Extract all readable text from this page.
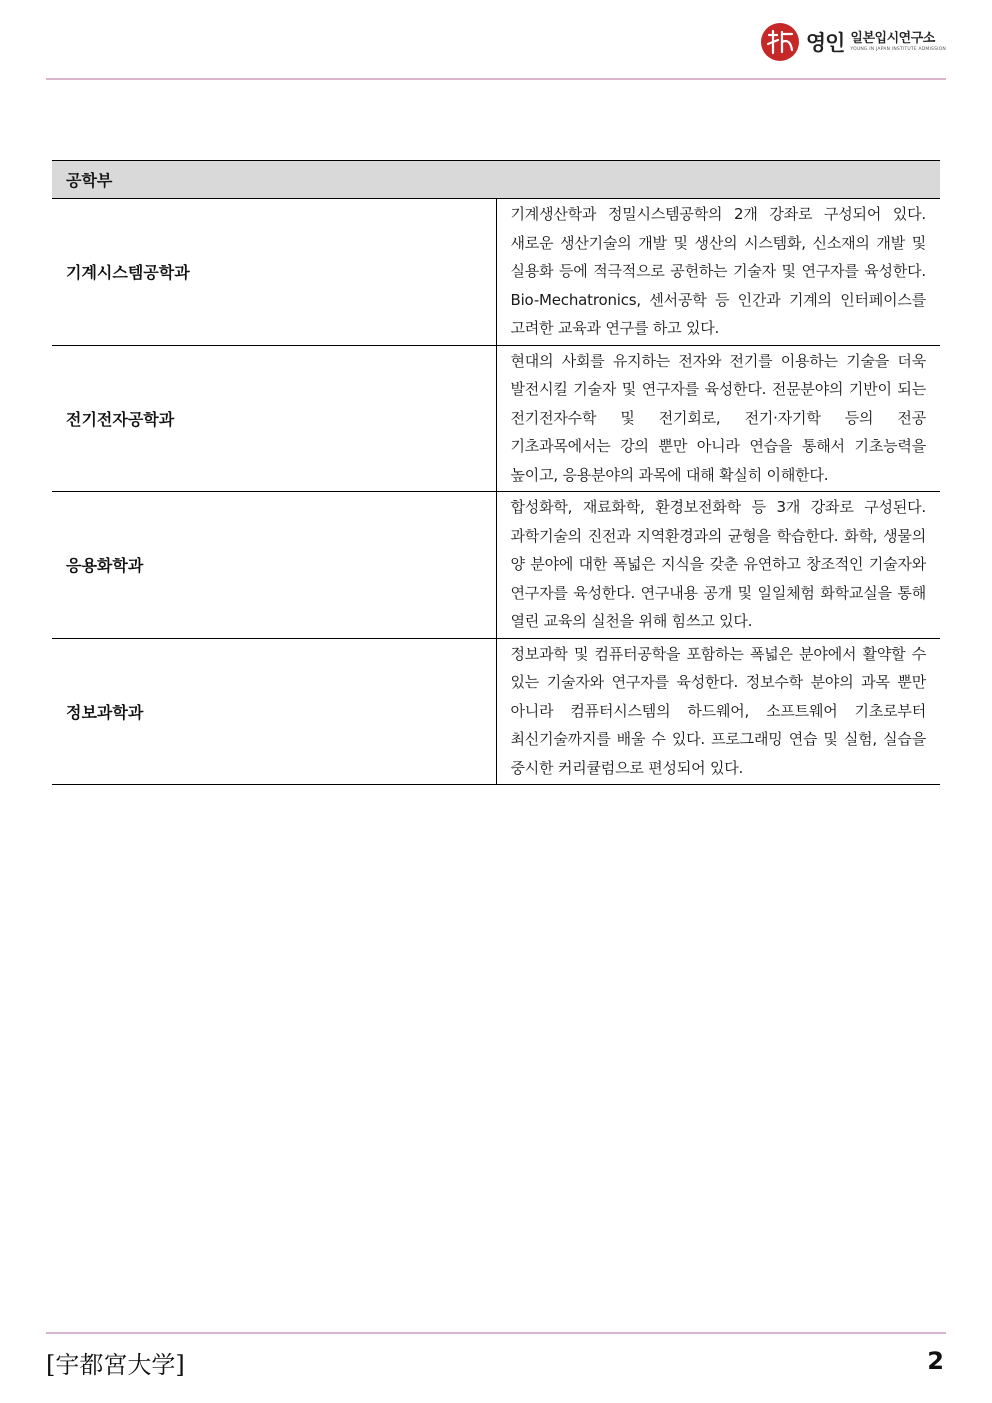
영인 일본입시연구소
YOUNG IN JAPAN INSTITUTE ADMISSION
공학부	
기계시스템공학과	기계생산학과 정밀시스템공학의 2개 강좌로 구성되어 있다. 새로운 생산기술의 개발 및 생산의 시스템화, 신소재의 개발 및 실용화 등에 적극적으로 공헌하는 기술자 및 연구자를 육성한다. Bio-Mechatronics, 센서공학 등 인간과 기계의 인터페이스를 고려한 교육과 연구를 하고 있다.
전기전자공학과	현대의 사회를 유지하는 전자와 전기를 이용하는 기술을 더욱 발전시킬 기술자 및 연구자를 육성한다. 전문분야의 기반이 되는 전기전자수학 및 전기회로, 전기·자기학 등의 전공 기초과목에서는 강의 뿐만 아니라 연습을 통해서 기초능력을 높이고, 응용분야의 과목에 대해 확실히 이해한다.
응용화학과	합성화학, 재료화학, 환경보전화학 등 3개 강좌로 구성된다. 과학기술의 진전과 지역환경과의 균형을 학습한다. 화학, 생물의 양 분야에 대한 폭넓은 지식을 갖춘 유연하고 창조적인 기술자와 연구자를 육성한다. 연구내용 공개 및 일일체험 화학교실을 통해 열린 교육의 실천을 위해 힘쓰고 있다.
정보과학과	정보과학 및 컴퓨터공학을 포함하는 폭넓은 분야에서 활약할 수 있는 기술자와 연구자를 육성한다. 정보수학 분야의 과목 뿐만 아니라 컴퓨터시스템의 하드웨어, 소프트웨어 기초로부터 최신기술까지를 배울 수 있다. 프로그래밍 연습 및 실험, 실습을 중시한 커리큘럼으로 편성되어 있다.
[宇都宮大学]	2
